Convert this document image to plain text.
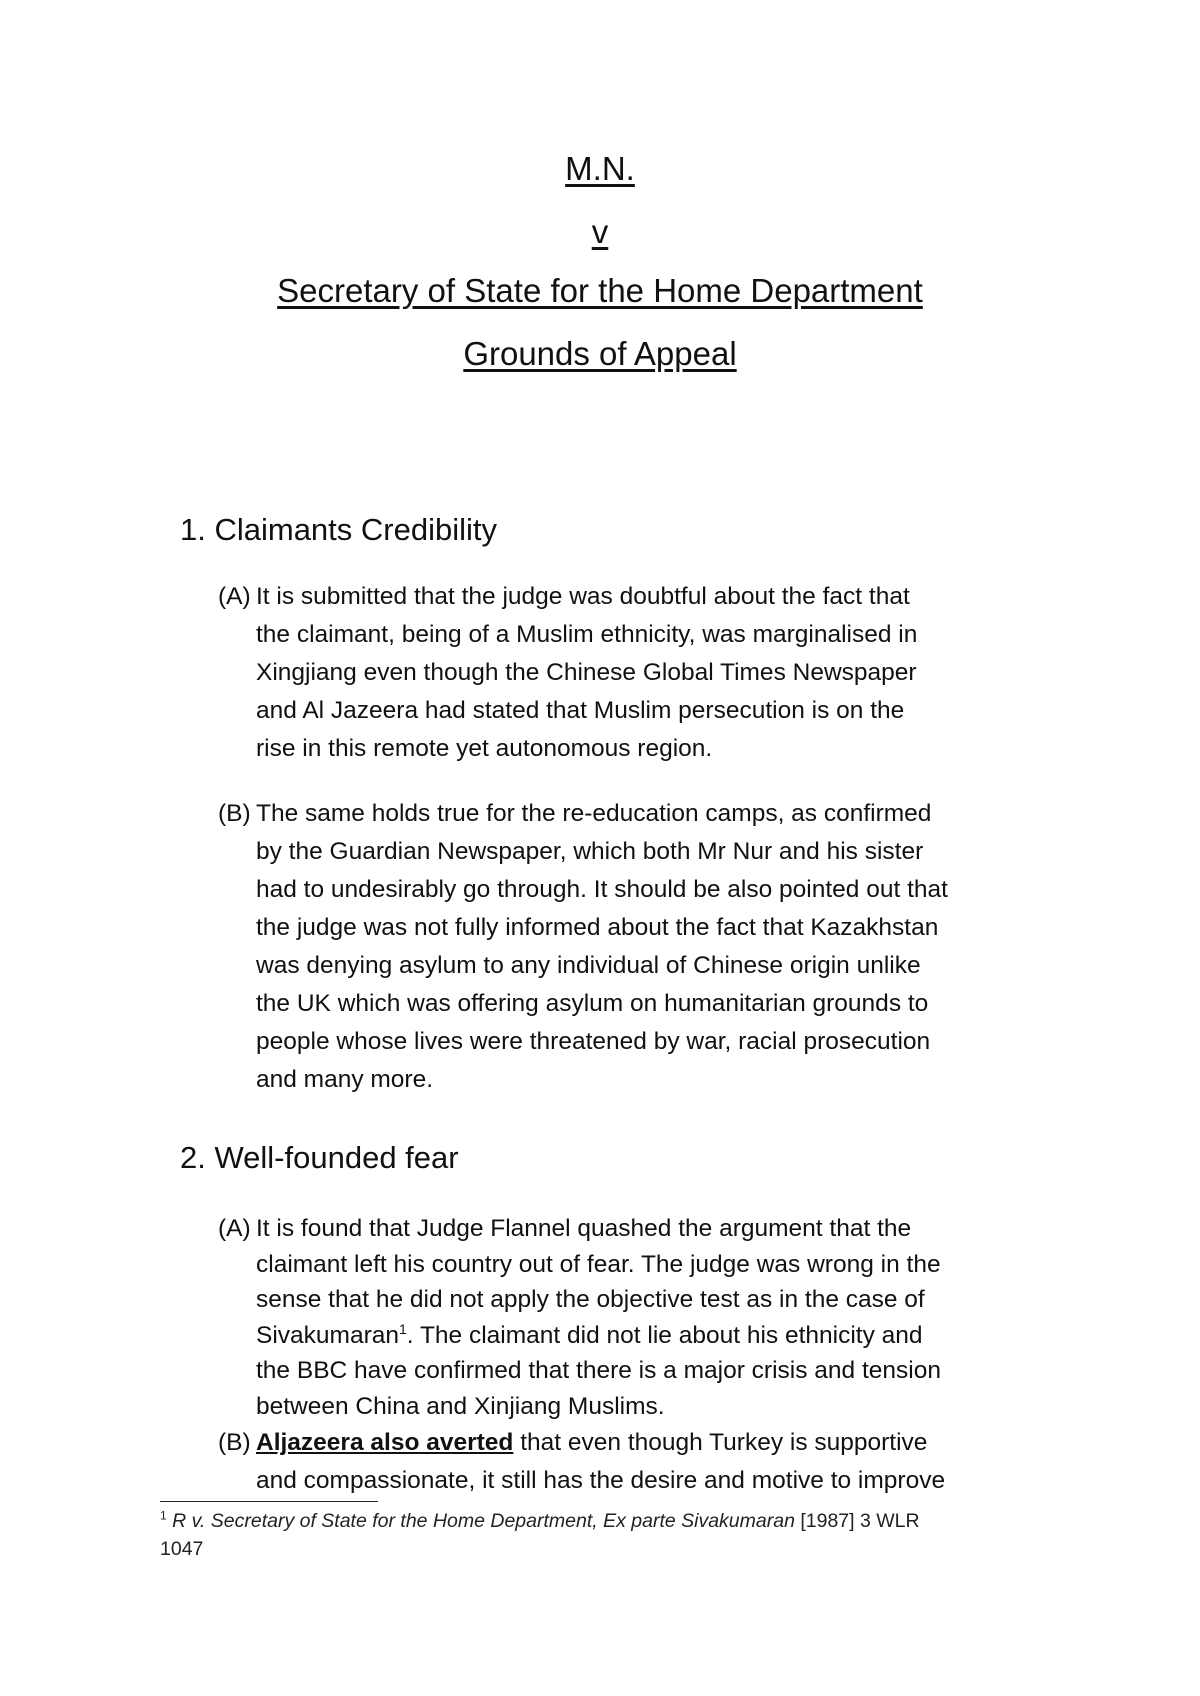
M.N.
v
Secretary of State for the Home Department
Grounds of Appeal
1. Claimants Credibility
(A) It is submitted that the judge was doubtful about the fact that
the claimant, being of a Muslim ethnicity, was marginalised in
Xingjiang even though the Chinese Global Times Newspaper
and Al Jazeera had stated that Muslim persecution is on the
rise in this remote yet autonomous region.
(B) The same holds true for the re-education camps, as confirmed
by the Guardian Newspaper, which both Mr Nur and his sister
had to undesirably go through. It should be also pointed out that
the judge was not fully informed about the fact that Kazakhstan
was denying asylum to any individual of Chinese origin unlike
the UK which was offering asylum on humanitarian grounds to
people whose lives were threatened by war, racial prosecution
and many more.
2. Well-founded fear
(A) It is found that Judge Flannel quashed the argument that the
claimant left his country out of fear. The judge was wrong in the
sense that he did not apply the objective test as in the case of
Sivakumaran$^1$. The claimant did not lie about his ethnicity and
the BBC have confirmed that there is a major crisis and tension
between China and Xinjiang Muslims.
(B) Aljazeera also averted that even though Turkey is supportive
and compassionate, it still has the desire and motive to improve
$^1$ R v. Secretary of State for the Home Department, Ex parte Sivakumaran [1987] 3 WLR
1047
